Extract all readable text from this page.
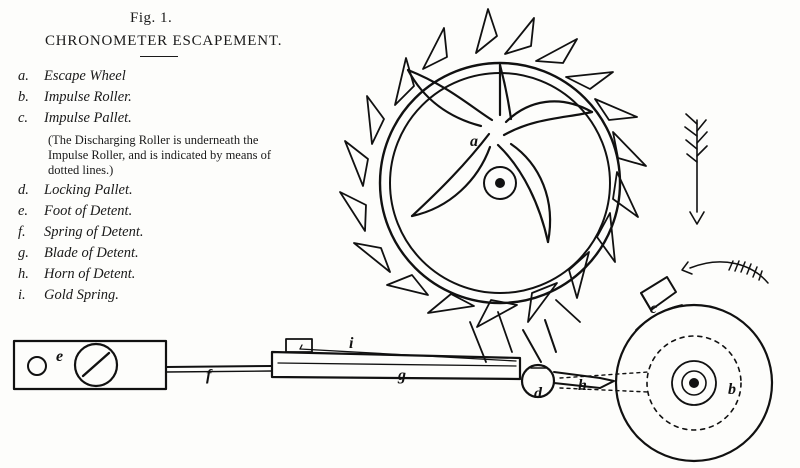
Fig. 1.
CHRONOMETER ESCAPEMENT.
a.	Escape Wheel
b.	Impulse Roller.
c.	Impulse Pallet.
(The Discharging Roller is underneath the Impulse Roller, and is indicated by means of dotted lines.)
d.	Locking Pallet.
e.	Foot of Detent.
f.	Spring of Detent.
g.	Blade of Detent.
h.	Horn of Detent.
i.	Gold Spring.
a
b
c
d
e
f	g
h
i
